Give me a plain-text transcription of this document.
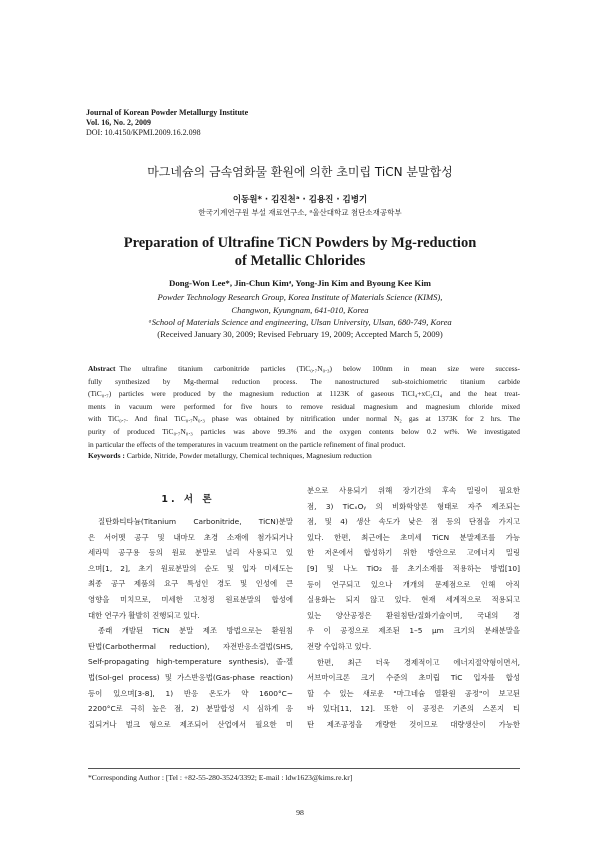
Journal of Korean Powder Metallurgy Institute
Vol. 16, No. 2, 2009
DOI: 10.4150/KPMI.2009.16.2.098
마그네슘의 금속염화물 환원에 의한 초미립 TiCN 분말합성
이동원* · 김진천ᵃ · 김용진 · 김병기
한국기계연구원 부설 재료연구소, ᵃ울산대학교 첨단소재공학부
Preparation of Ultrafine TiCN Powders by Mg-reduction
of Metallic Chlorides
Dong-Won Lee*, Jin-Chun Kimᵃ, Yong-Jin Kim and Byoung Kee Kim
Powder Technology Research Group, Korea Institute of Materials Science (KIMS),
Changwon, Kyungnam, 641-010, Korea
ᵃSchool of Materials Science and engineering, Ulsan University, Ulsan, 680-749, Korea
(Received January 30, 2009; Revised February 19, 2009; Accepted March 5, 2009)
Abstract The ultrafine titanium carbonitride particles (TiC₀.₇N₀.₃) below 100nm in mean size were success-
fully synthesized by Mg-thermal reduction process. The nanostructured sub-stoichiometric titanium carbide
(TiC₀.₇) particles were produced by the magnesium reduction at 1123K of gaseous TiCl₄+xC₂Cl₄ and the heat treat-
ments in vacuum were performed for five hours to remove residual magnesium and magnesium chloride mixed
with TiC₀.₇. And final TiC₀.₇N₀.₃ phase was obtained by nitrification under normal N₂ gas at 1373K for 2 hrs. The
purity of produced TiC₀.₇N₀.₃ particles was above 99.3% and the oxygen contents below 0.2 wt%. We investigated
in particular the effects of the temperatures in vacuum treatment on the particle refinement of final product.
Keywords : Carbide, Nitride, Powder metallurgy, Chemical techniques, Magnesium reduction
1. 서 론
질탄화티타늄(Titanium Carbonitride, TiCN)분말
은 서어멧 공구 및 내마모 초경 소재에 첨가되거나
세라믹 공구용 등의 원료 분말로 널리 사용되고 있
으며[1, 2], 초기 원료분말의 순도 및 입자 미세도는
최종 공구 제품의 요구 특성인 경도 및 인성에 큰
영향을 미치므로, 미세한 고청정 원료분말의 합성에
대한 연구가 활발히 진행되고 있다.
종래 개발된 TiCN 분말 제조 방법으로는 환원침
탄법(Carbothermal reduction), 자전반응소결법(SHS,
Self-propagating high-temperature synthesis), 졸-겔
법(Sol-gel process) 및 가스반응법(Gas-phase reaction)
등이 있으며[3-8], 1) 반응 온도가 약 1600°C~
2200°C로 극히 높은 점, 2) 분말합성 시 심하게 응
집되거나 벌크 형으로 제조되어 산업에서 필요한 미
분으로 사용되기 위해 장기간의 후속 밀링이 필요한
점, 3) TiCₓOᵧ 의 비화학양론 형태로 자주 제조되는
점, 및 4) 생산 속도가 낮은 점 등의 단점을 가지고
있다. 한편, 최근에는 초미세 TiCN 분말제조를 가능
한 저온에서 합성하기 위한 방안으로 고에너지 밀링
[9] 및 나노 TiO₂ 를 초기소재를 적용하는 방법[10]
등이 연구되고 있으나 개개의 문제점으로 인해 아직
실용화는 되지 않고 있다. 현재 세계적으로 적용되고
있는 양산공정은 환원침탄/질화기술이며, 국내의 경
우 이 공정으로 제조된 1–5 μm 크기의 분쇄분말을
전량 수입하고 있다.
한편, 최근 더욱 경제적이고 에너지절약형이면서,
서브마이크론 크기 수준의 초미립 TiC 입자를 합성
할 수 있는 새로운 "마그네슘 열환원 공정"이 보고된
바 있다[11, 12]. 또한 이 공정은 기존의 스폰지 티
탄 제조공정을 개량한 것이므로 대량생산이 가능한
*Corresponding Author : [Tel : +82-55-280-3524/3392; E-mail : ldw1623@kims.re.kr]
98
